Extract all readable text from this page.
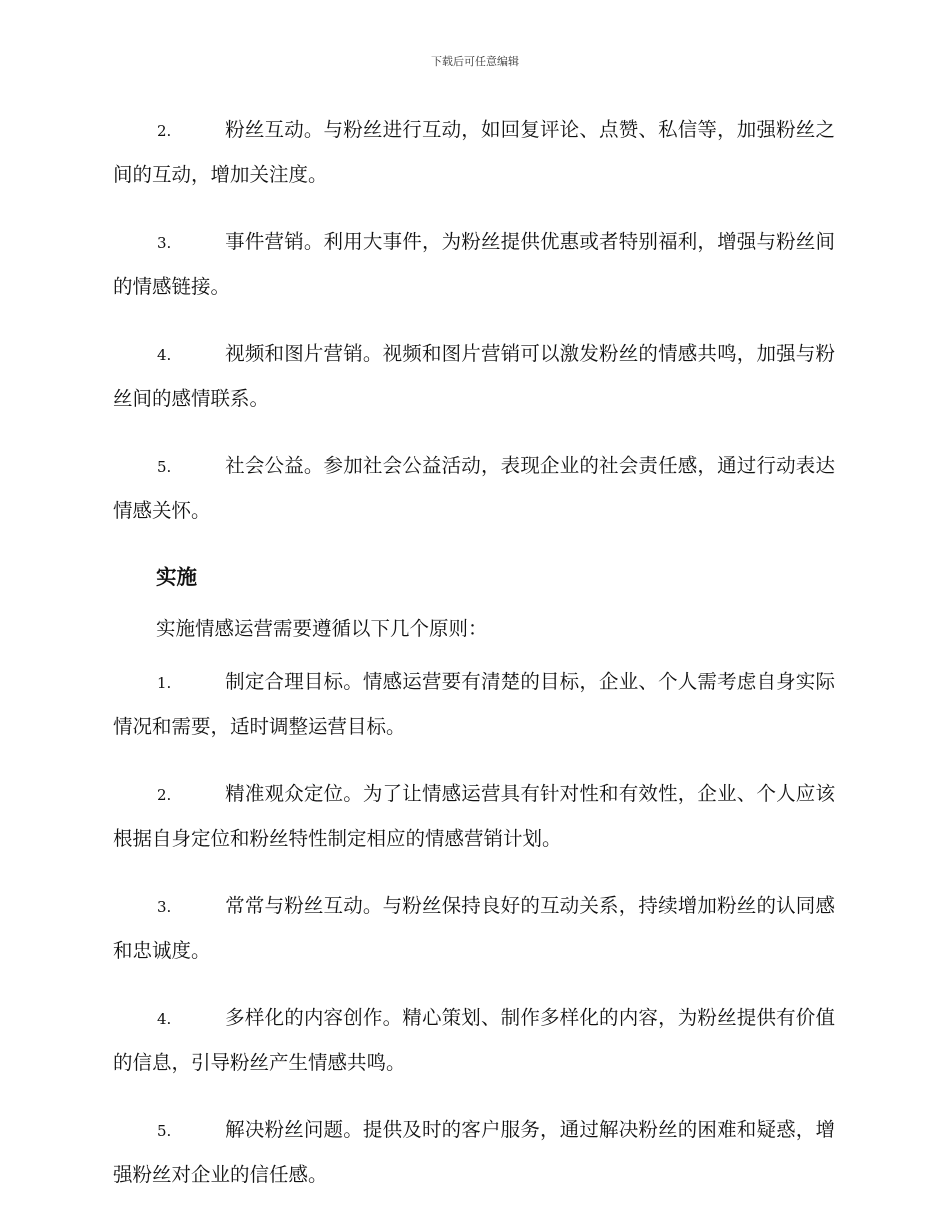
下载后可任意编辑

2.	粉丝互动。与粉丝进行互动，如回复评论、点赞、私信等，加强粉丝之间的互动，增加关注度。

3.	事件营销。利用大事件，为粉丝提供优惠或者特别福利，增强与粉丝间的情感链接。

4.	视频和图片营销。视频和图片营销可以激发粉丝的情感共鸣，加强与粉丝间的感情联系。

5.	社会公益。参加社会公益活动，表现企业的社会责任感，通过行动表达情感关怀。

实施

实施情感运营需要遵循以下几个原则：

1.	制定合理目标。情感运营要有清楚的目标，企业、个人需考虑自身实际情况和需要，适时调整运营目标。

2.	精准观众定位。为了让情感运营具有针对性和有效性，企业、个人应该根据自身定位和粉丝特性制定相应的情感营销计划。

3.	常常与粉丝互动。与粉丝保持良好的互动关系，持续增加粉丝的认同感和忠诚度。

4.	多样化的内容创作。精心策划、制作多样化的内容，为粉丝提供有价值的信息，引导粉丝产生情感共鸣。

5.	解决粉丝问题。提供及时的客户服务，通过解决粉丝的困难和疑惑，增强粉丝对企业的信任感。
